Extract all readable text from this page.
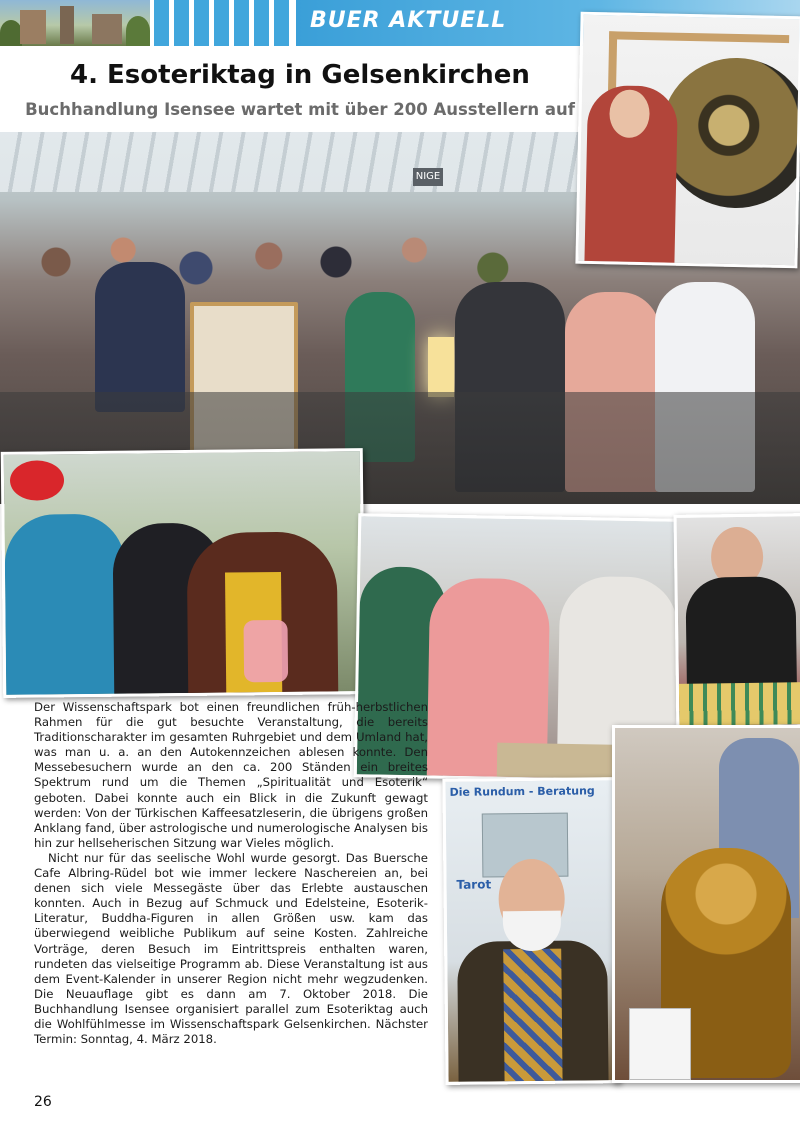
BUER AKTUELL
NIGE
4. Esoteriktag in Gelsenkirchen
Buchhandlung Isensee wartet mit über 200 Ausstellern auf
Die Rundum - Beratung
Tarot

Der Wissenschaftspark bot einen freundlichen früh-herbstlichen Rahmen für die gut besuchte Veranstaltung, die bereits Traditionscharakter im gesamten Ruhrgebiet und dem Umland hat, was man u. a. an den Autokennzeichen ablesen konnte. Den Messebesuchern wurde an den ca. 200 Ständen ein breites Spektrum rund um die Themen „Spiritualität und Esoterik“ geboten. Dabei konnte auch ein Blick in die Zukunft gewagt werden: Von der Türkischen Kaffeesatzleserin, die übrigens großen Anklang fand, über astrologische und numerologische Analysen bis hin zur hellseherischen Sitzung war Vieles möglich.

Nicht nur für das seelische Wohl wurde gesorgt. Das Buersche Cafe Albring-Rüdel bot wie immer leckere Naschereien an, bei denen sich viele Messegäste über das Erlebte austauschen konnten. Auch in Bezug auf Schmuck und Edelsteine, Esoterik-Literatur, Buddha-Figuren in allen Größen usw. kam das überwiegend weibliche Publikum auf seine Kosten. Zahlreiche Vorträge, deren Besuch im Eintrittspreis enthalten waren, rundeten das vielseitige Programm ab. Diese Veranstaltung ist aus dem Event-Kalender in unserer Region nicht mehr wegzudenken. Die Neuauflage gibt es dann am 7. Oktober 2018. Die Buchhandlung Isensee organisiert parallel zum Esoteriktag auch die Wohlfühlmesse im Wissenschaftspark Gelsenkirchen. Nächster Termin: Sonntag, 4. März 2018.

26
